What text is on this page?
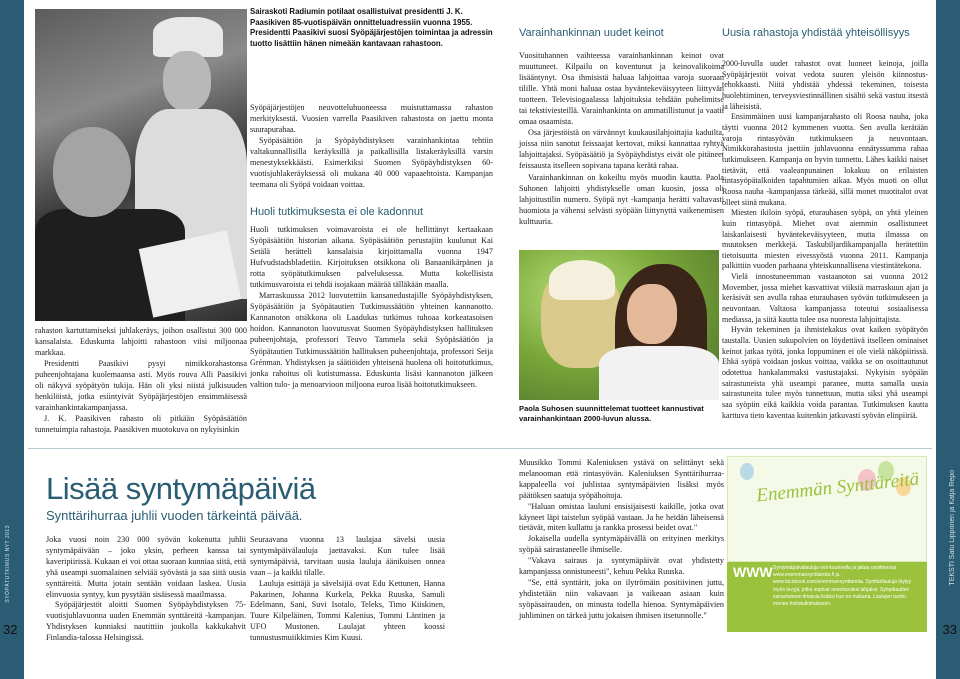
SYÖPÄTUTKIMUS NYT 2013	TEKSTI Satu Lipponen ja Katja Repo
32	33
Sairaskoti Radiumin potilaat osallistuivat presidentti J. K. Paasikiven 85-vuotispäivän onnitteluadressiin vuonna 1955. Presidentti Paasikivi suosi Syöpäjärjestöjen toimintaa ja adressin tuotto lisättiin hänen nimeään kantavaan rahastoon.

rahaston kartuttamiseksi juhlakeräys, joihon osallistui 300 000 kansalaista. Eduskunta lahjoitti rahastoon viisi miljoonaa markkaa.

Presidentti Paasikivi pysyi nimikkorahastonsa puheenjohtajana kuolemaansa asti. Myös rouva Alli Paasikivi oli näkyvä syöpätyön tukija. Hän oli yksi niistä julkisuuden henkilöistä, jotka esiintyivät Syöpäjärjestöjen ensimmäisessä varainhankintakampanjassa.

J. K. Paasikiven rahasto oli pitkään Syöpäsäätiön tunnetuimpia rahastoja. Paasikiven muotokuva on nykyisinkin

Syöpäjärjestöjen neuvotteluhuoneessa muistuttamassa rahaston merkityksestä. Vuosien varrella Paasikiven rahastosta on jaettu monta suurapurahaa.

Syöpäsäätiön ja Syöpäyhdistyksen varainhankintaa tehtiin valtakunnallisilla keräyksillä ja paikallisilla listakeräyksillä varsin menestyksekkäästi. Esimerkiksi Suomen Syöpäyhdistyksen 60-vuotisjuhlakeräyksessä oli mukana 40 000 vapaaehtoista. Kampanjan teemana oli Syöpä voidaan voittaa.

Huoli tutkimuksesta ei ole kadonnut

Huoli tutkimuksen voimavaroista ei ole hellittänyt kertaakaan Syöpäsäätiön historian aikana. Syöpäsäätiön perustajiin kuulunut Kai Setälä herätteli kansalaisia kirjoittamalla vuonna 1947 Hufvudstadsbladetiin. Kirjoituksen otsikkona oli Banaanikärpänen ja rotta syöpätutkimuksen palveluksessa. Mutta kokellisista tutkimusvaroista ei tehdä isojakaan määrää tälläkään maalla.

Marraskuussa 2012 luovutettiin kansanedustajille Syöpäyhdistyksen, Syöpäsäätiön ja Syöpätautien Tutkimussäätiön yhteinen kannanotto. Kannanoton otsikkona oli Laadukas tutkimus tuhoaa korkeatasoisen hoidon. Kannanoton luovutusvat Suomen Syöpäyhdistyksen hallituksen puheenjohtaja, professori Teuvo Tammela sekä Syöpäsäätiön ja Syöpätautien Tutkimussäätiön hallituksen puheenjohtaja, professori Seija Grénman. Yhdistyksen ja säätiöiden yhteisenä huolena oli hoitotutkimus, jonka rahoitus oli kutistumassa. Eduskunta lisäsi kannanoton jälkeen valtion tulo- ja menoarvioon miljoona euroa lisää hoitotutkimukseen.

Varainhankinnan uudet keinot

Vuosituhannen vaihteessa varainhankinnan keinot ovat muuttuneet. Kilpailu on koventunut ja keinovalikoima lisääntynyt. Osa ihmisistä haluaa lahjoittaa varoja suoraan tilille. Yhtä moni haluaa ostaa hyväntekeväisyyteen liittyvän tuotteen. Televisiogaalassa lahjoituksia tehdään puhelimitse tai tekstiviesteillä. Varainhankinta on ammatillistunut ja vaatii omaa osaamista.

Osa järjestöistä on värvännyt kuukausilahjoittajia kaduilta, joissa niin sanotut feissaajat kertovat, miksi kannattaa ryhtyä lahjoittajaksi. Syöpäsäätiö ja Syöpäyhdistys eivät ole pitäneet feissausta itselleen sopivana tapana kerätä rahaa.

Varainhankinnan on kokeiltu myös muodin kautta. Paola Suhonen lahjoitti yhdistykselle oman kuosin, jossa oli lahjoitustilin numero. Syöpä nyt -kampanja herätti valtavasti huomiota ja vähensi selvästi syöpään liittynyttä vaikenemisen kulttuuria.

Paola Suhosen suunnittelemat tuotteet kannustivat varainhankintaan 2000-luvun alussa.
Uusia rahastoja yhdistää yhteisöllisyys

2000-luvulla uudet rahastot ovat luoneet keinoja, joilla Syöpäjärjestöt voivat vedota suuren yleisön kiinnostus-tehokkaasti. Niitä yhdistää yhdessä tekeminen, toisesta huolehtiminen, terveysviestinnällinen sisältö sekä vastuu itsestä ja läheisistä.

Ensimmäinen uusi kampanjarahasto oli Roosa nauha, joka täytti vuonna 2012 kymmenen vuotta. Sen avulla kerätään varoja rintasyövän tutkimukseen ja neuvontaan. Nimikkorahastosta jaettiin juhlavuonna ennätyssumma rahaa tutkimukseen. Kampanja on hyvin tunnettu. Lähes kaikki naiset tietävät, että vaaleanpunainen lokakuu on erilaisten rintasyöpätalkoiden tapahtumien aikaa. Myös muoti on ollut Roosa nauha -kampanjassa tärkeää, sillä monet muotitalot ovat olleet siinä mukana.

Miesten ikiloin syöpä, eturauhasen syöpä, on yhtä yleinen kuin rintasyöpä. Miehet ovat aiemmin osallistuneet laiskanlaisesti hyväntekeväisyyteen, mutta ilmassa on muutoksen merkkejä. Taskubiljardikampanjalla herätettiin tietoisuutta miesten eivessyöstä vuonna 2011. Kampanja palkittiin vuoden parhaana yhteiskunnallisena viestintätekona.

Vielä innostuneemman vastaanoton sai vuonna 2012 Movember, jossa miehet kasvattivat viiksiä marraskuun ajan ja keräsivät sen avulla rahaa eturauhasen syövän tutkimukseen ja neuvontaan. Valtaosa kampanjassa toteutui sosiaalisessa mediassa, ja siitä kautta tulee osa nuoresta lahjoittajista.

Hyvän tekeminen ja ihmistekakus ovat kaiken syöpätyön taustalla. Uusien sukupolvien on löydettävä itselleen ominaiset keinot jatkaa työtä, jonka loppuminen ei ole vielä näköpiirissä. Ehkä syöpä voidaan joskus voittaa, vaikka se on osoittautunut odotettua hankalammaksi vastustajaksi. Nykyisin syöpään sairastuneista yhä useampi paranee, mutta samalla uusia sairastuneita tulee myös tunnettuun, mutta siksi yhä useampi saa syöpiin eikä kaikkia voida parantaa. Tutkimuksen kautta karttuva tieto kaventaa kuitenkin jatkuvasti syövän elinpiiriä.

Lisää syntymäpäiviä
Synttärihurraa juhlii vuoden tärkeintä päivää.

Joka vuosi noin 230 000 syövän kokenutta juhlii syntymäpäivään – joko yksin, perheen kanssa tai kaveripiirissä. Kukaan ei voi ottaa suoraan kunniaa siitä, että yhä useampi suomalainen selviää syövästä ja saa siitä uusia synttäreitä. Mutta jotain sentään voidaan laskea. Uusia elinvuosia syntyy, kun pysytään sisäisessä maailmassa.

Syöpäjärjestöt aloitti Suomen Syöpäyhdistyksen 75-vuotisjuhlavuonna uuden Enemmän synttäreitä -kampanjan. Yhdistyksen kunniaksi nautittiin joukolla kakkukahvit Finlandia-talossa Helsingissä.

Seuraavana vuonna 13 laulajaa sävelsi uusia syntymäpäivälauluja jaettavaksi. Kun tulee lisää syntymäpäiviä, tarvitaan uusia lauluja äänikuisen onneа vaan – ja kaikki tilalle.

Lauluja esittäjä ja sävelsijiä ovat Edu Kettunen, Hanna Pakarinen, Johanna Kurkela, Pekka Ruuska, Samuli Edelmann, Sani, Suvi Isotalo, Teleks, Timo Kiiskinen, Tuure Kilpeläinen, Tommi Kalenius, Tommi Läntinen ja UFO Mustonen. Laulajat yhteen koossi tunnustusmuiikkimies Kim Kuusi.

Muusikko Tommi Kaleniuksen ystävä on selittänyt sekä melanooman että rintasyövän. Kaleniuksen Synttärihurraa-kappaleella voi juhlistaa syntymäpäivien lisäksi myös päätöksen saatuja syöpähoitoja.

"Haluan omistaa lauluni ensisijaisesti kaikille, jotka ovat käyneet läpi taistelun syöpää vastaan. Ja he heidän läheisensä tietävät, miten kullattu ja rankka prosessi beidet ovat."

Jokaisella uudella syntymäpäivällä on erityinen merkitys syöpää sairastaneelle ihmiselle.

"Vakava sairaus ja syntymäpäivät ovat yhdistetty kampanjassa onnistuneesti", kehuu Pekka Ruuska.

"Se, että synttärit, joka on ilytrömäin positiivinen juttu, yhdistetään niin vakavaan ja vaikeaan asiaan kuin syöpäsairauden, on minusta todella hienoa. Syntymäpäivien juhliminen on tärkeä juttu jokaisen ihmisen itsetunnolle."

Enemmän Synttäreitä
WWW Syntymäpäivälauluja voit kuunnella ja jakaa osoitteessa www.enemmansynttareita.fi ja www.facebook.com/enemmansynttareita. Synttärilauluja löytyy myös levyjä, jotka sopivat annettavaksi lahjaksi. Syöpätautien sairastuneen ilmaisia lisäksi kun ne mukana. Laulujen tuotto menee hoitotutkimukseen.
